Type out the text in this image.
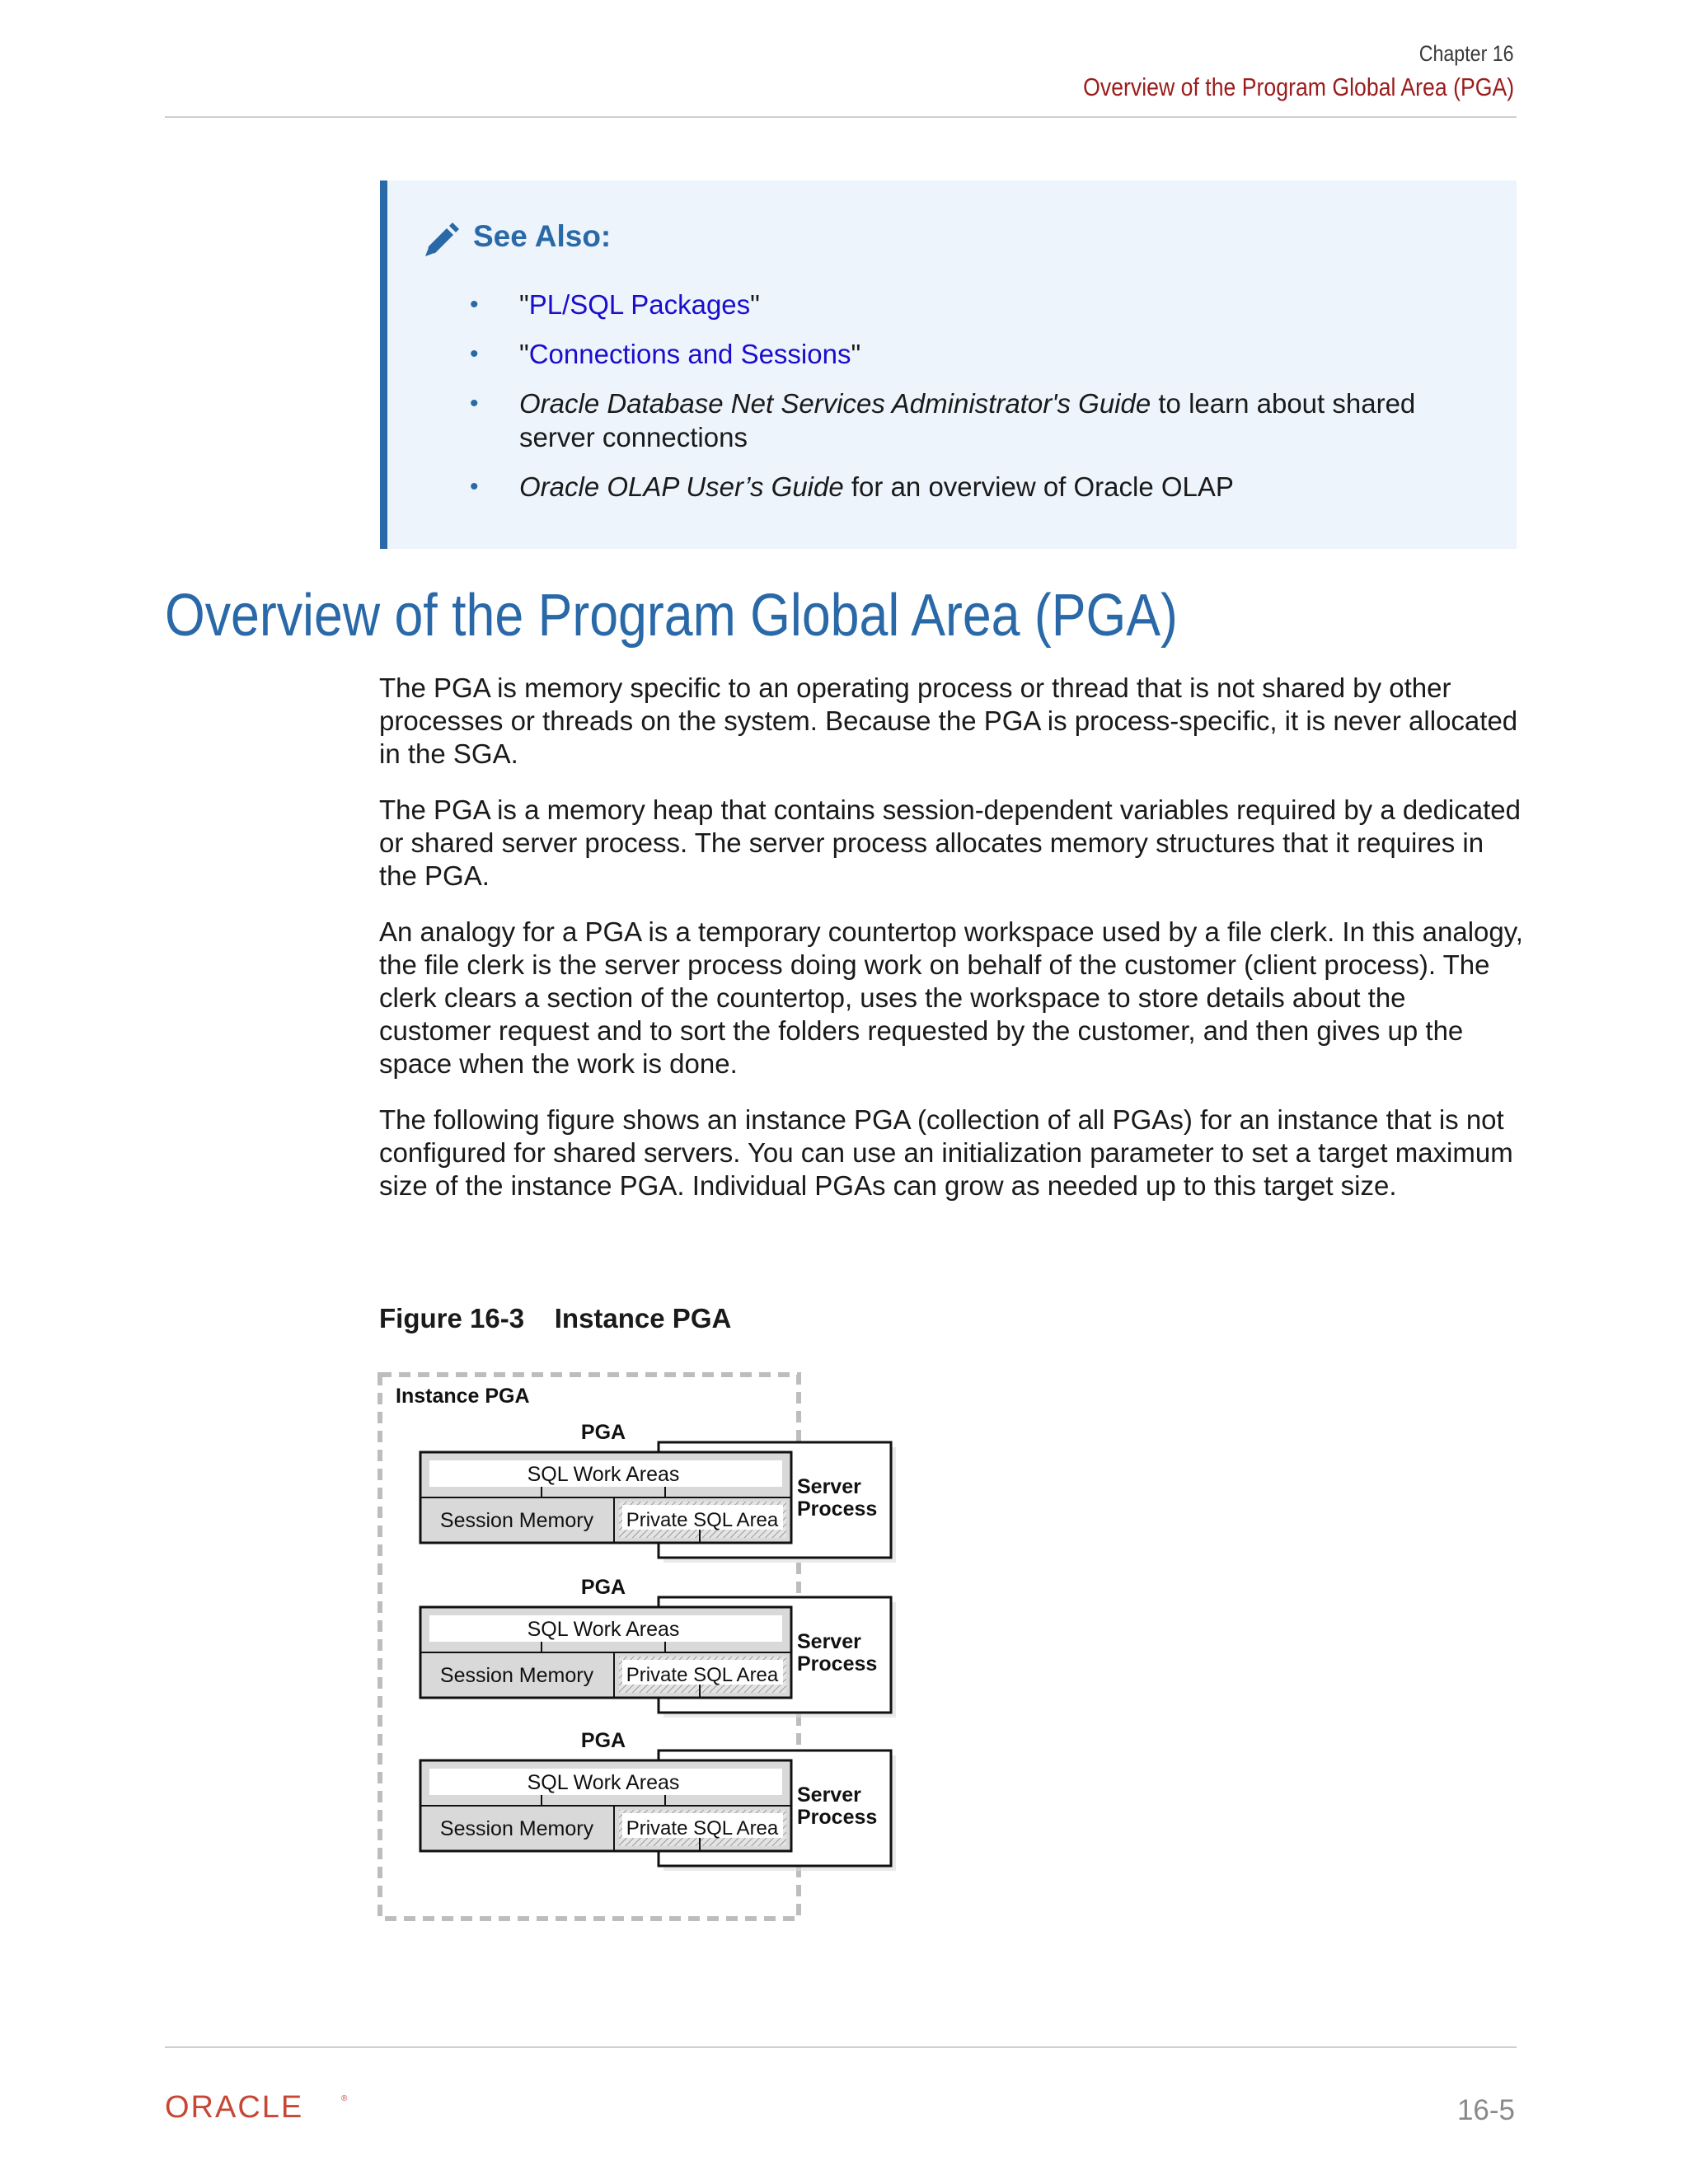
Chapter 16
Overview of the Program Global Area (PGA)
See Also:
• "PL/SQL Packages"
• "Connections and Sessions"
• Oracle Database Net Services Administrator's Guide to learn about shared server connections
• Oracle OLAP User’s Guide for an overview of Oracle OLAP
Overview of the Program Global Area (PGA)

The PGA is memory specific to an operating process or thread that is not shared by other processes or threads on the system. Because the PGA is process-specific, it is never allocated in the SGA.

The PGA is a memory heap that contains session-dependent variables required by a dedicated or shared server process. The server process allocates memory structures that it requires in the PGA.

An analogy for a PGA is a temporary countertop workspace used by a file clerk. In this analogy, the file clerk is the server process doing work on behalf of the customer (client process). The clerk clears a section of the countertop, uses the workspace to store details about the customer request and to sort the folders requested by the customer, and then gives up the space when the work is done.

The following figure shows an instance PGA (collection of all PGAs) for an instance that is not configured for shared servers. You can use an initialization parameter to set a target maximum size of the instance PGA. Individual PGAs can grow as needed up to this target size.

Figure 16-3 Instance PGA
Instance PGA
Server
Process
PGA
SQL Work Areas
Session Memory Private SQL Area
Server
Process
PGA
SQL Work Areas
Session Memory Private SQL Area
Server
Process
PGA
SQL Work Areas
Session Memory Private SQL Area
ORACLE	®	16-5
